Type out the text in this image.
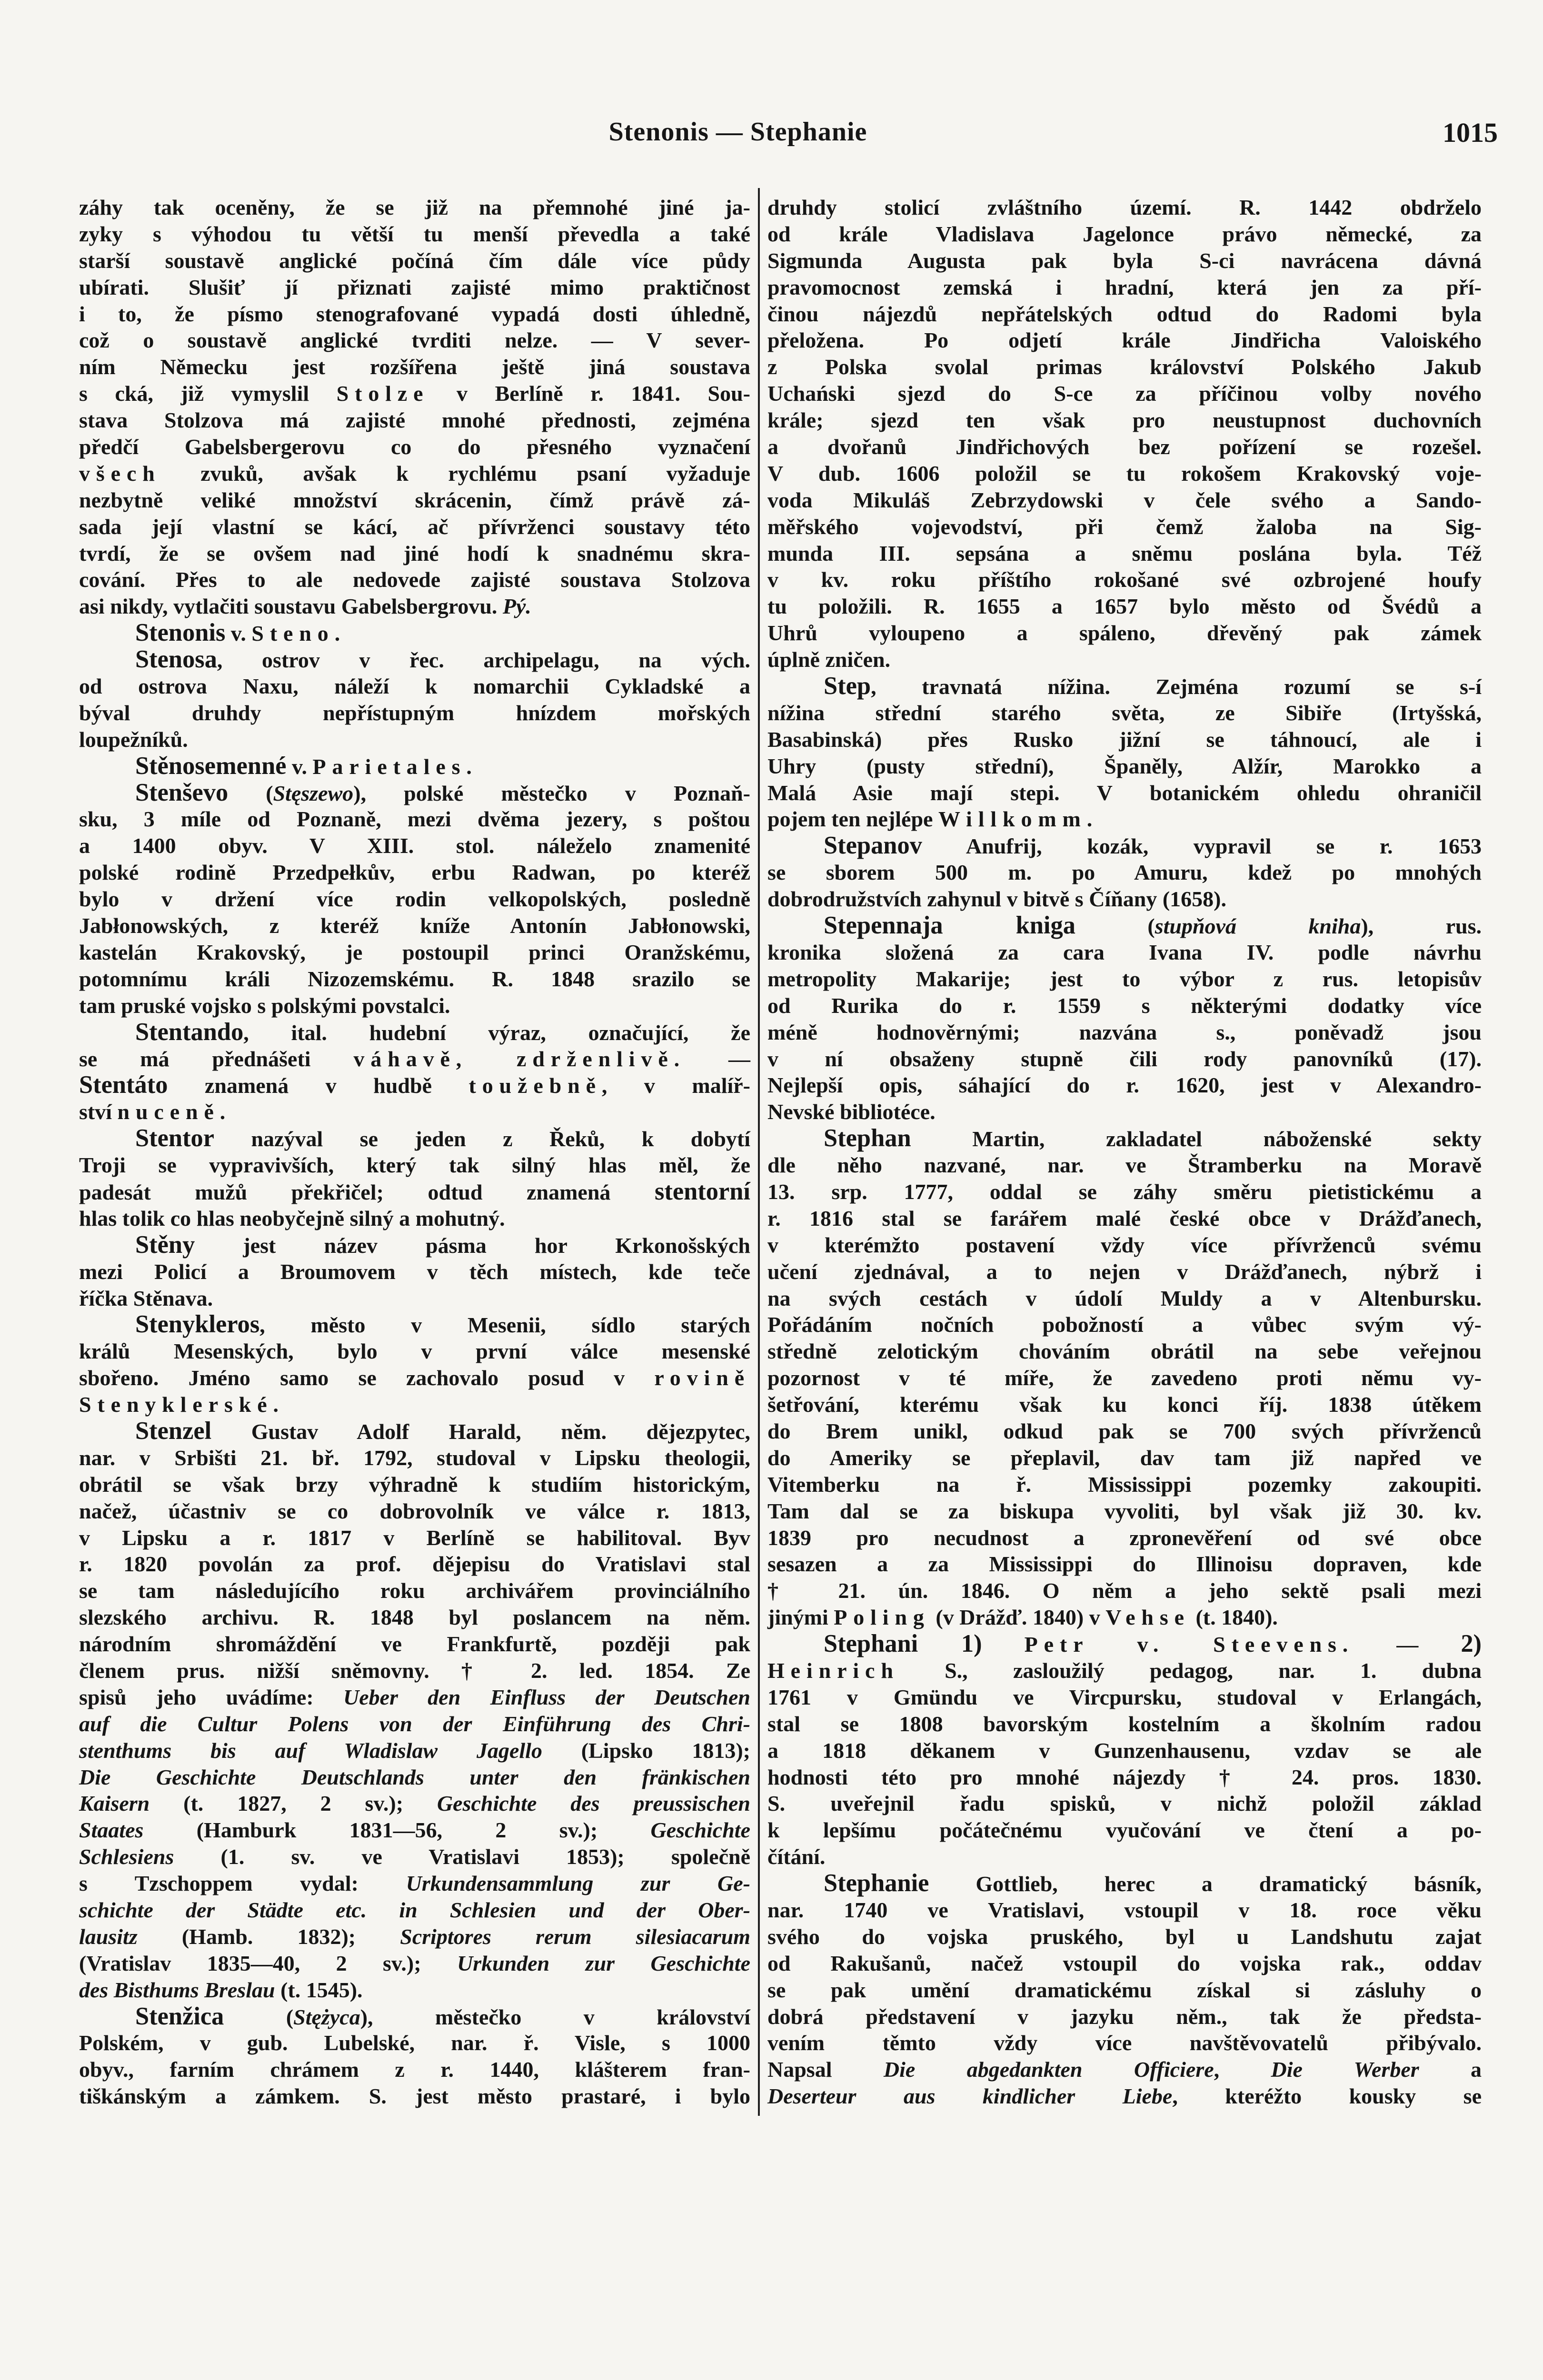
Stenonis — Stephanie	1015
záhy tak oceněny, že se již na přemnohé jiné ja-
zyky s výhodou tu větší tu menší převedla a také
starší soustavě anglické počíná čím dále více půdy
ubírati. Slušiť jí přiznati zajisté mimo praktičnost
i to, že písmo stenografované vypadá dosti úhledně,
což o soustavě anglické tvrditi nelze. — V sever-
ním Německu jest rozšířena ještě jiná soustava
s cká, již vymyslil Stolze v Berlíně r. 1841. Sou-
stava Stolzova má zajisté mnohé přednosti, zejména
předčí Gabelsbergerovu co do přesného vyznačení
všech zvuků, avšak k rychlému psaní vyžaduje
nezbytně veliké množství skrácenin, čímž právě zá-
sada její vlastní se kácí, ač přívrženci soustavy této
tvrdí, že se ovšem nad jiné hodí k snadnému skra-
cování. Přes to ale nedovede zajisté soustava Stolzova
asi nikdy, vytlačiti soustavu Gabelsbergrovu. Pý.
Stenonis v. Steno.
Stenosa, ostrov v řec. archipelagu, na vých.
od ostrova Naxu, náleží k nomarchii Cykladské a
býval druhdy nepřístupným hnízdem mořských
loupežníků.
Stěnosemenné v. Parietales.
Stenševo (Stęszewo), polské městečko v Poznaň-
sku, 3 míle od Poznaně, mezi dvěma jezery, s poštou
a 1400 obyv. V XIII. stol. náleželo znamenité
polské rodině Przedpełkův, erbu Radwan, po kteréž
bylo v držení více rodin velkopolských, posledně
Jabłonowských, z kteréž kníže Antonín Jabłonowski,
kastelán Krakovský, je postoupil princi Oranžskému,
potomnímu králi Nizozemskému. R. 1848 srazilo se
tam pruské vojsko s polskými povstalci.
Stentando, ital. hudební výraz, označující, že
se má přednášeti váhavě, zdrženlivě. —
Stentáto znamená v hudbě toužebně, v malíř-
ství nuceně.
Stentor nazýval se jeden z Řeků, k dobytí
Troji se vypravivších, který tak silný hlas měl, že
padesát mužů překřičel; odtud znamená stentorní
hlas tolik co hlas neobyčejně silný a mohutný.
Stěny jest název pásma hor Krkonošských
mezi Policí a Broumovem v těch místech, kde teče
říčka Stěnava.
Stenykleros, město v Mesenii, sídlo starých
králů Mesenských, bylo v první válce mesenské
sbořeno. Jméno samo se zachovalo posud v rovině
Stenyklerské.
Stenzel Gustav Adolf Harald, něm. dějezpytec,
nar. v Srbišti 21. bř. 1792, studoval v Lipsku theologii,
obrátil se však brzy výhradně k studiím historickým,
načež, účastniv se co dobrovolník ve válce r. 1813,
v Lipsku a r. 1817 v Berlíně se habilitoval. Byv
r. 1820 povolán za prof. dějepisu do Vratislavi stal
se tam následujícího roku archivářem provinciálního
slezského archivu. R. 1848 byl poslancem na něm.
národním shromáždění ve Frankfurtě, později pak
členem prus. nižší sněmovny. † 2. led. 1854. Ze
spisů jeho uvádíme: Ueber den Einfluss der Deutschen
auf die Cultur Polens von der Einführung des Chri-
stenthums bis auf Wladislaw Jagello (Lipsko 1813);
Die Geschichte Deutschlands unter den fränkischen
Kaisern (t. 1827, 2 sv.); Geschichte des preussischen
Staates (Hamburk 1831—56, 2 sv.); Geschichte
Schlesiens (1. sv. ve Vratislavi 1853); společně
s Tzschoppem vydal: Urkundensammlung zur Ge-
schichte der Städte etc. in Schlesien und der Ober-
lausitz (Hamb. 1832); Scriptores rerum silesiacarum
(Vratislav 1835—40, 2 sv.); Urkunden zur Geschichte
des Bisthums Breslau (t. 1545).
Stenžica (Stężyca), městečko v království
Polském, v gub. Lubelské, nar. ř. Visle, s 1000
obyv., farním chrámem z r. 1440, klášterem fran-
tiškánským a zámkem. S. jest město prastaré, i bylo
druhdy stolicí zvláštního území. R. 1442 obdrželo
od krále Vladislava Jagelonce právo německé, za
Sigmunda Augusta pak byla S-ci navrácena dávná
pravomocnost zemská i hradní, která jen za pří-
činou nájezdů nepřátelských odtud do Radomi byla
přeložena. Po odjetí krále Jindřicha Valoiského
z Polska svolal primas království Polského Jakub
Uchański sjezd do S-ce za příčinou volby nového
krále; sjezd ten však pro neustupnost duchovních
a dvořanů Jindřichových bez pořízení se rozešel.
V dub. 1606 položil se tu rokošem Krakovský voje-
voda Mikuláš Zebrzydowski v čele svého a Sando-
měřského vojevodství, při čemž žaloba na Sig-
munda III. sepsána a sněmu poslána byla. Též
v kv. roku příštího rokošané své ozbrojené houfy
tu položili. R. 1655 a 1657 bylo město od Švédů a
Uhrů vyloupeno a spáleno, dřevěný pak zámek
úplně zničen.
Step, travnatá nížina. Zejména rozumí se s-í
nížina střední starého světa, ze Sibiře (Irtyšská,
Basabinská) přes Rusko jižní se táhnoucí, ale i
Uhry (pusty střední), Španěly, Alžír, Marokko a
Malá Asie mají stepi. V botanickém ohledu ohraničil
pojem ten nejlépe Willkomm.
Stepanov Anufrij, kozák, vypravil se r. 1653
se sborem 500 m. po Amuru, kdež po mnohých
dobrodružstvích zahynul v bitvě s Číňany (1658).
Stepennaja kniga (stupňová kniha), rus.
kronika složená za cara Ivana IV. podle návrhu
metropolity Makarije; jest to výbor z rus. letopisův
od Rurika do r. 1559 s některými dodatky více
méně hodnověrnými; nazvána s., poněvadž jsou
v ní obsaženy stupně čili rody panovníků (17).
Nejlepší opis, sáhající do r. 1620, jest v Alexandro-
Nevské bibliotéce.
Stephan Martin, zakladatel náboženské sekty
dle něho nazvané, nar. ve Štramberku na Moravě
13. srp. 1777, oddal se záhy směru pietistickému a
r. 1816 stal se farářem malé české obce v Drážďanech,
v kterémžto postavení vždy více přívrženců svému
učení zjednával, a to nejen v Drážďanech, nýbrž i
na svých cestách v údolí Muldy a v Altenbursku.
Pořádáním nočních pobožností a vůbec svým vý-
středně zelotickým chováním obrátil na sebe veřejnou
pozornost v té míře, že zavedeno proti němu vy-
šetřování, kterému však ku konci říj. 1838 útěkem
do Brem unikl, odkud pak se 700 svých přívrženců
do Ameriky se přeplavil, dav tam již napřed ve
Vitemberku na ř. Mississippi pozemky zakoupiti.
Tam dal se za biskupa vyvoliti, byl však již 30. kv.
1839 pro necudnost a zpronevěření od své obce
sesazen a za Mississippi do Illinoisu dopraven, kde
† 21. ún. 1846. O něm a jeho sektě psali mezi
jinými Poling (v Drážď. 1840) v Vehse (t. 1840).
Stephani 1) Petr v. Steevens. — 2)
Heinrich S., zasloužilý pedagog, nar. 1. dubna
1761 v Gmündu ve Vircpursku, studoval v Erlangách,
stal se 1808 bavorským kostelním a školním radou
a 1818 děkanem v Gunzenhausenu, vzdav se ale
hodnosti této pro mnohé nájezdy † 24. pros. 1830.
S. uveřejnil řadu spisků, v nichž položil základ
k lepšímu počátečnému vyučování ve čtení a po-
čítání.
Stephanie Gottlieb, herec a dramatický básník,
nar. 1740 ve Vratislavi, vstoupil v 18. roce věku
svého do vojska pruského, byl u Landshutu zajat
od Rakušanů, načež vstoupil do vojska rak., oddav
se pak umění dramatickému získal si zásluhy o
dobrá představení v jazyku něm., tak že předsta-
vením těmto vždy více navštěvovatelů přibývalo.
Napsal Die abgedankten Officiere, Die Werber a
Deserteur aus kindlicher Liebe, kteréžto kousky se
